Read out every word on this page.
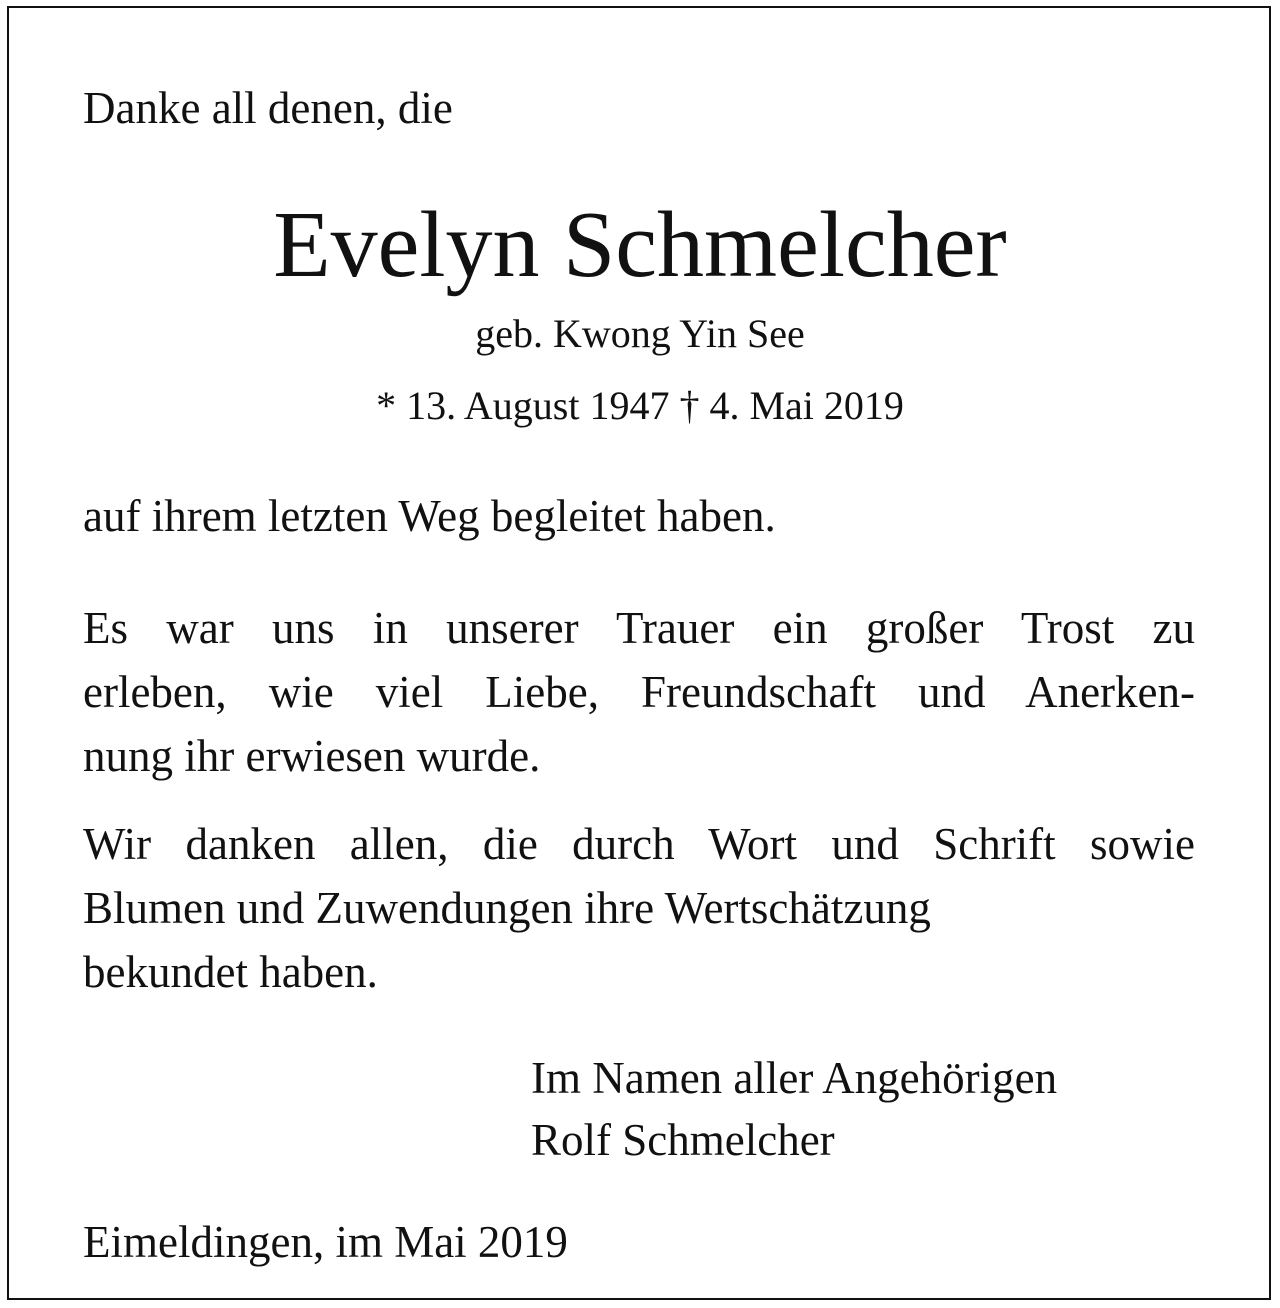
Danke all denen, die

Evelyn Schmelcher

geb. Kwong Yin See

* 13. August 1947 † 4. Mai 2019

auf ihrem letzten Weg begleitet haben.

Es war uns in unserer Trauer ein großer Trost zu
erleben, wie viel Liebe, Freundschaft und Anerken-
nung ihr erwiesen wurde.
Wir danken allen, die durch Wort und Schrift sowie
Blumen und Zuwendungen ihre Wertschätzung
bekundet haben.

Im Namen aller Angehörigen

Rolf Schmelcher

Eimeldingen, im Mai 2019
